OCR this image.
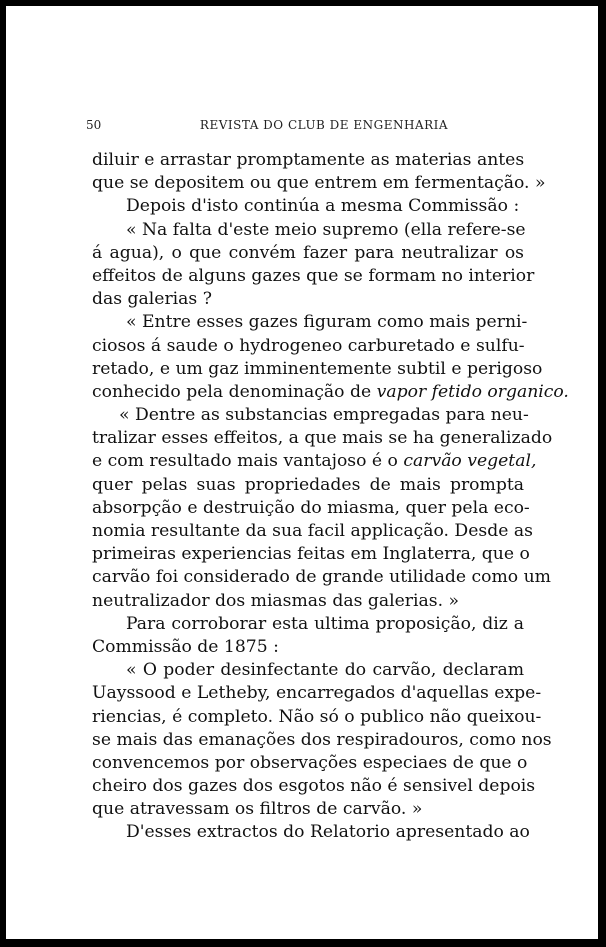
50	REVISTA DO CLUB DE ENGENHARIA
diluir e arrastar promptamente as materias antes
que se depositem ou que entrem em fermentação. »
Depois d'isto continúa a mesma Commissão :
« Na falta d'este meio supremo (ella refere-se
á agua), o que convém fazer para neutralizar os
effeitos de alguns gazes que se formam no interior
das galerias ?
« Entre esses gazes figuram como mais perni-
ciosos á saude o hydrogeneo carburetado e sulfu-
retado, e um gaz imminentemente subtil e perigoso
conhecido pela denominação de vapor fetido organico.
« Dentre as substancias empregadas para neu-
tralizar esses effeitos, a que mais se ha generalizado
e com resultado mais vantajoso é o carvão vegetal,
quer pelas suas propriedades de mais prompta
absorpção e destruição do miasma, quer pela eco-
nomia resultante da sua facil applicação. Desde as
primeiras experiencias feitas em Inglaterra, que o
carvão foi considerado de grande utilidade como um
neutralizador dos miasmas das galerias. »
Para corroborar esta ultima proposição, diz a
Commissão de 1875 :
« O poder desinfectante do carvão, declaram
Uayssood e Letheby, encarregados d'aquellas expe-
riencias, é completo. Não só o publico não queixou-
se mais das emanações dos respiradouros, como nos
convencemos por observações especiaes de que o
cheiro dos gazes dos esgotos não é sensivel depois
que atravessam os filtros de carvão. »
D'esses extractos do Relatorio apresentado ao
